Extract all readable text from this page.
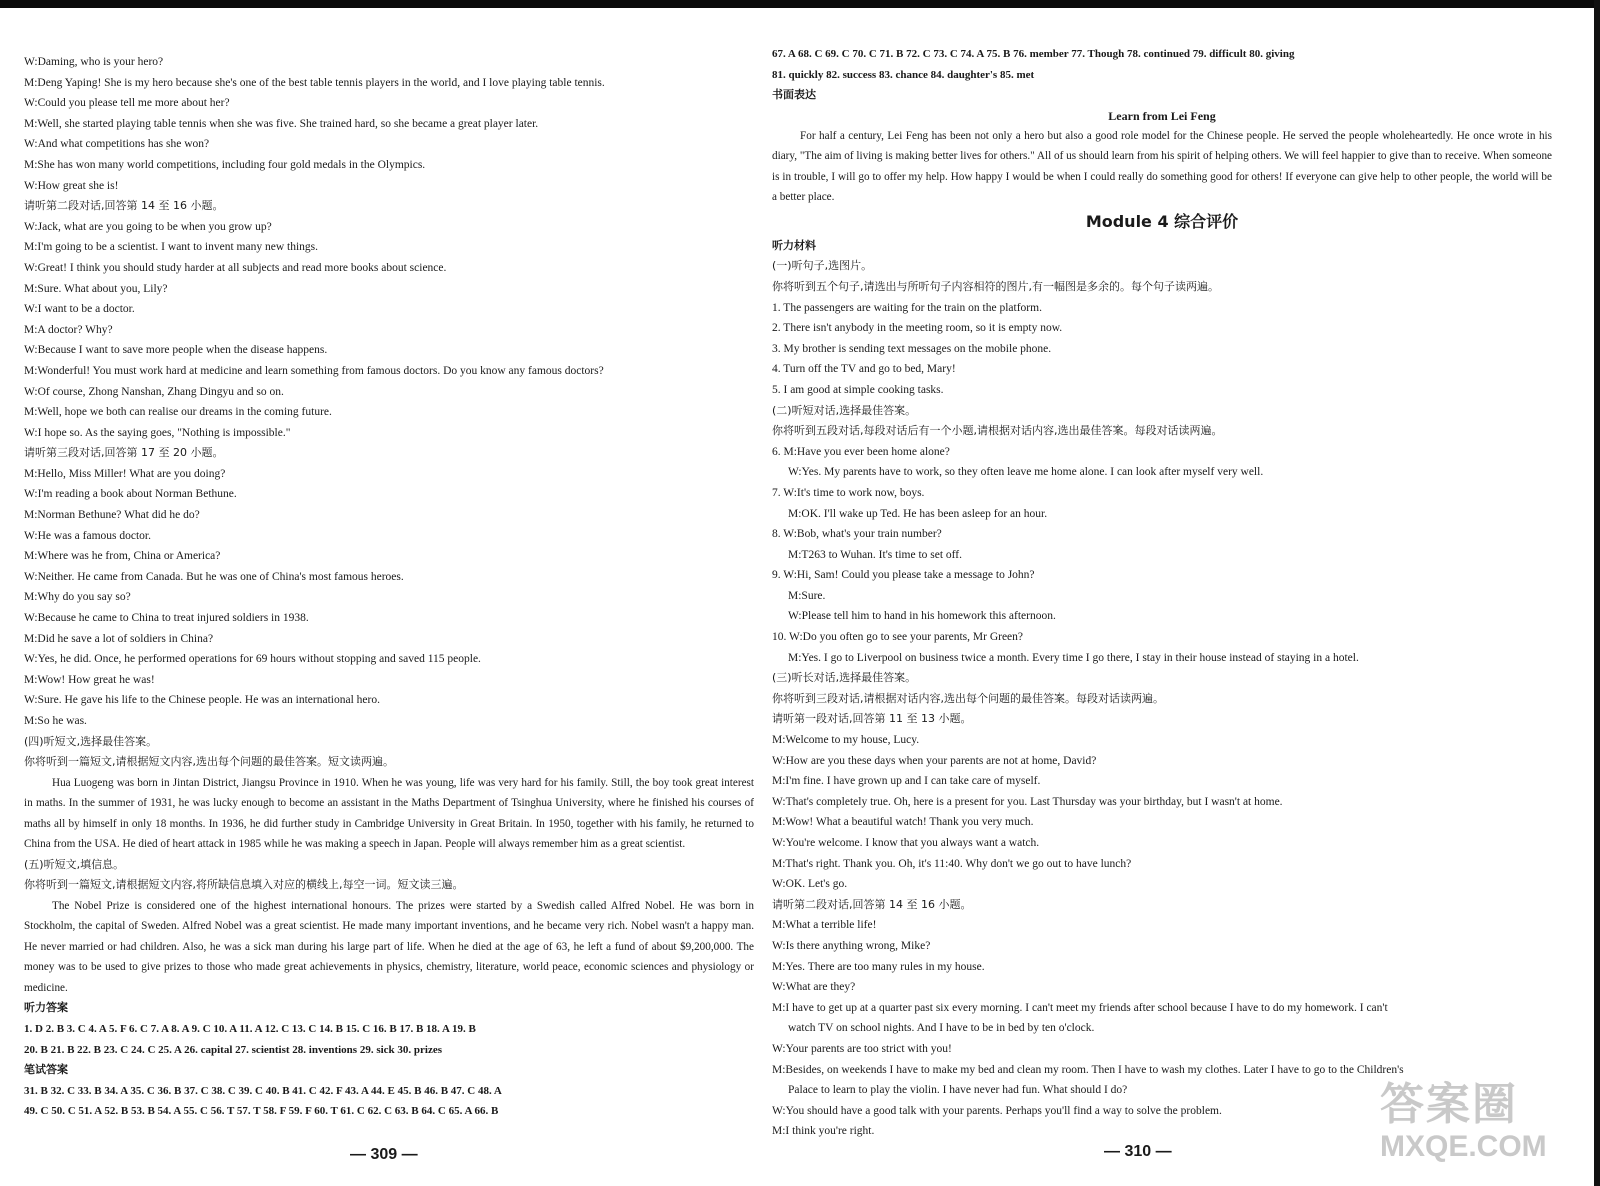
W:Daming, who is your hero?
M:Deng Yaping! She is my hero because she's one of the best table tennis players in the world, and I love playing table tennis.
W:Could you please tell me more about her?
M:Well, she started playing table tennis when she was five. She trained hard, so she became a great player later.
W:And what competitions has she won?
M:She has won many world competitions, including four gold medals in the Olympics.
W:How great she is!
请听第二段对话,回答第 14 至 16 小题。
W:Jack, what are you going to be when you grow up?
M:I'm going to be a scientist. I want to invent many new things.
W:Great! I think you should study harder at all subjects and read more books about science.
M:Sure. What about you, Lily?
W:I want to be a doctor.
M:A doctor? Why?
W:Because I want to save more people when the disease happens.
M:Wonderful! You must work hard at medicine and learn something from famous doctors. Do you know any famous doctors?
W:Of course, Zhong Nanshan, Zhang Dingyu and so on.
M:Well, hope we both can realise our dreams in the coming future.
W:I hope so. As the saying goes, "Nothing is impossible."
请听第三段对话,回答第 17 至 20 小题。
M:Hello, Miss Miller! What are you doing?
W:I'm reading a book about Norman Bethune.
M:Norman Bethune? What did he do?
W:He was a famous doctor.
M:Where was he from, China or America?
W:Neither. He came from Canada. But he was one of China's most famous heroes.
M:Why do you say so?
W:Because he came to China to treat injured soldiers in 1938.
M:Did he save a lot of soldiers in China?
W:Yes, he did. Once, he performed operations for 69 hours without stopping and saved 115 people.
M:Wow! How great he was!
W:Sure. He gave his life to the Chinese people. He was an international hero.
M:So he was.
(四)听短文,选择最佳答案。
你将听到一篇短文,请根据短文内容,选出每个问题的最佳答案。短文读两遍。
Hua Luogeng was born in Jintan District, Jiangsu Province in 1910. When he was young, life was very hard for his family. Still, the boy took great interest in maths. In the summer of 1931, he was lucky enough to become an assistant in the Maths Department of Tsinghua University, where he finished his courses of maths all by himself in only 18 months. In 1936, he did further study in Cambridge University in Great Britain. In 1950, together with his family, he returned to China from the USA. He died of heart attack in 1985 while he was making a speech in Japan. People will always remember him as a great scientist.
(五)听短文,填信息。
你将听到一篇短文,请根据短文内容,将所缺信息填入对应的横线上,每空一词。短文读三遍。
The Nobel Prize is considered one of the highest international honours. The prizes were started by a Swedish called Alfred Nobel. He was born in Stockholm, the capital of Sweden. Alfred Nobel was a great scientist. He made many important inventions, and he became very rich. Nobel wasn't a happy man. He never married or had children. Also, he was a sick man during his large part of life. When he died at the age of 63, he left a fund of about $9,200,000. The money was to be used to give prizes to those who made great achievements in physics, chemistry, literature, world peace, economic sciences and physiology or medicine.
听力答案
1. D 2. B 3. C 4. A 5. F 6. C 7. A 8. A 9. C 10. A 11. A 12. C 13. C 14. B 15. C 16. B 17. B 18. A 19. B
20. B 21. B 22. B 23. C 24. C 25. A 26. capital 27. scientist 28. inventions 29. sick 30. prizes
笔试答案
31. B 32. C 33. B 34. A 35. C 36. B 37. C 38. C 39. C 40. B 41. C 42. F 43. A 44. E 45. B 46. B 47. C 48. A
49. C 50. C 51. A 52. B 53. B 54. A 55. C 56. T 57. T 58. F 59. F 60. T 61. C 62. C 63. B 64. C 65. A 66. B
— 309 —
67. A 68. C 69. C 70. C 71. B 72. C 73. C 74. A 75. B 76. member 77. Though 78. continued 79. difficult 80. giving
81. quickly 82. success 83. chance 84. daughter's 85. met
书面表达
Learn from Lei Feng
For half a century, Lei Feng has been not only a hero but also a good role model for the Chinese people. He served the people wholeheartedly. He once wrote in his diary, "The aim of living is making better lives for others." All of us should learn from his spirit of helping others. We will feel happier to give than to receive. When someone is in trouble, I will go to offer my help. How happy I would be when I could really do something good for others! If everyone can give help to other people, the world will be a better place.
Module 4 综合评价
听力材料
(一)听句子,选图片。
你将听到五个句子,请选出与所听句子内容相符的图片,有一幅图是多余的。每个句子读两遍。
1. The passengers are waiting for the train on the platform.
2. There isn't anybody in the meeting room, so it is empty now.
3. My brother is sending text messages on the mobile phone.
4. Turn off the TV and go to bed, Mary!
5. I am good at simple cooking tasks.
(二)听短对话,选择最佳答案。
你将听到五段对话,每段对话后有一个小题,请根据对话内容,选出最佳答案。每段对话读两遍。
6. M:Have you ever been home alone?
W:Yes. My parents have to work, so they often leave me home alone. I can look after myself very well.
7. W:It's time to work now, boys.
M:OK. I'll wake up Ted. He has been asleep for an hour.
8. W:Bob, what's your train number?
M:T263 to Wuhan. It's time to set off.
9. W:Hi, Sam! Could you please take a message to John?
M:Sure.
W:Please tell him to hand in his homework this afternoon.
10. W:Do you often go to see your parents, Mr Green?
M:Yes. I go to Liverpool on business twice a month. Every time I go there, I stay in their house instead of staying in a hotel.
(三)听长对话,选择最佳答案。
你将听到三段对话,请根据对话内容,选出每个问题的最佳答案。每段对话读两遍。
请听第一段对话,回答第 11 至 13 小题。
M:Welcome to my house, Lucy.
W:How are you these days when your parents are not at home, David?
M:I'm fine. I have grown up and I can take care of myself.
W:That's completely true. Oh, here is a present for you. Last Thursday was your birthday, but I wasn't at home.
M:Wow! What a beautiful watch! Thank you very much.
W:You're welcome. I know that you always want a watch.
M:That's right. Thank you. Oh, it's 11:40. Why don't we go out to have lunch?
W:OK. Let's go.
请听第二段对话,回答第 14 至 16 小题。
M:What a terrible life!
W:Is there anything wrong, Mike?
M:Yes. There are too many rules in my house.
W:What are they?
M:I have to get up at a quarter past six every morning. I can't meet my friends after school because I have to do my homework. I can't
watch TV on school nights. And I have to be in bed by ten o'clock.
W:Your parents are too strict with you!
M:Besides, on weekends I have to make my bed and clean my room. Then I have to wash my clothes. Later I have to go to the Children's
Palace to learn to play the violin. I have never had fun. What should I do?
W:You should have a good talk with your parents. Perhaps you'll find a way to solve the problem.
M:I think you're right.
— 310 —
答案圈
MXQE.COM
